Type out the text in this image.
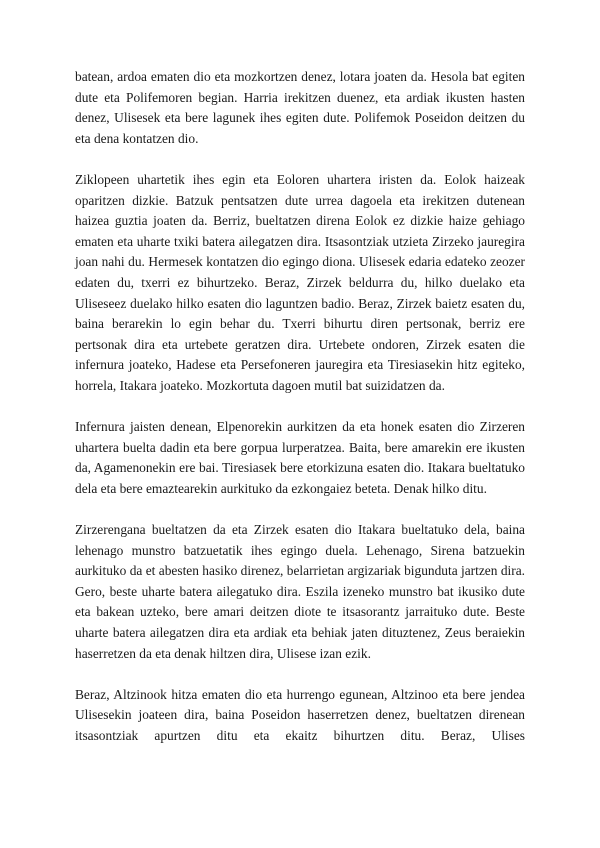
batean, ardoa ematen dio eta mozkortzen denez, lotara joaten da. Hesola bat egiten dute eta Polifemoren begian. Harria irekitzen duenez, eta ardiak ikusten hasten denez, Ulisesek eta bere lagunek ihes egiten dute. Polifemok Poseidon deitzen du eta dena kontatzen dio.

Ziklopeen uhartetik ihes egin eta Eoloren uhartera iristen da. Eolok haizeak oparitzen dizkie. Batzuk pentsatzen dute urrea dagoela eta irekitzen dutenean haizea guztia joaten da. Berriz, bueltatzen direna Eolok ez dizkie haize gehiago ematen eta uharte txiki batera ailegatzen dira. Itsasontziak utzieta Zirzeko jauregira joan nahi du. Hermesek kontatzen dio egingo diona. Ulisesek edaria edateko zeozer edaten du, txerri ez bihurtzeko. Beraz, Zirzek beldurra du, hilko duelako eta Uliseseez duelako hilko esaten dio laguntzen badio. Beraz, Zirzek baietz esaten du, baina berarekin lo egin behar du. Txerri bihurtu diren pertsonak, berriz ere pertsonak dira eta urtebete geratzen dira. Urtebete ondoren, Zirzek esaten die infernura joateko, Hadese eta Persefoneren jauregira eta Tiresiasekin hitz egiteko, horrela, Itakara joateko. Mozkortuta dagoen mutil bat suizidatzen da.

Infernura jaisten denean, Elpenorekin aurkitzen da eta honek esaten dio Zirzeren uhartera buelta dadin eta bere gorpua lurperatzea. Baita, bere amarekin ere ikusten da, Agamenonekin ere bai. Tiresiasek bere etorkizuna esaten dio. Itakara bueltatuko dela eta bere emaztearekin aurkituko da ezkongaiez beteta. Denak hilko ditu.

Zirzerengana bueltatzen da eta Zirzek esaten dio Itakara bueltatuko dela, baina lehenago munstro batzuetatik ihes egingo duela. Lehenago, Sirena batzuekin aurkituko da et abesten hasiko direnez, belarrietan argizariak bigunduta jartzen dira. Gero, beste uharte batera ailegatuko dira. Eszila izeneko munstro bat ikusiko dute eta bakean uzteko, bere amari deitzen diote te itsasorantz jarraituko dute. Beste uharte batera ailegatzen dira eta ardiak eta behiak jaten dituztenez, Zeus beraiekin haserretzen da eta denak hiltzen dira, Ulisese izan ezik.

Beraz, Altzinook hitza ematen dio eta hurrengo egunean, Altzinoo eta bere jendea Ulisesekin joateen dira, baina Poseidon haserretzen denez, bueltatzen direnean itsasontziak apurtzen ditu eta ekaitz bihurtzen ditu. Beraz, Ulises
